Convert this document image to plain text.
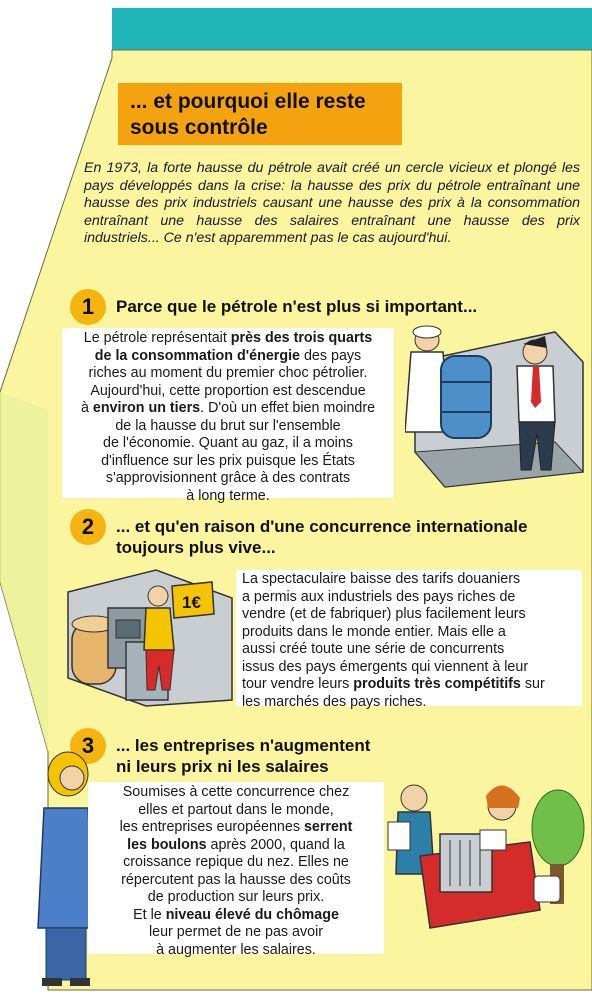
... et pourquoi elle reste
sous contrôle
En 1973, la forte hausse du pétrole avait créé un cercle vicieux et plongé les pays développés dans la crise: la hausse des prix du pétrole entraînant une hausse des prix industriels causant une hausse des prix à la consommation entraînant une hausse des salaires entraînant une hausse des prix industriels... Ce n'est apparemment pas le cas aujourd'hui.
1	Parce que le pétrole n'est plus si important...
Le pétrole représentait près des trois quarts
de la consommation d'énergie des pays
riches au moment du premier choc pétrolier.
Aujourd'hui, cette proportion est descendue
à environ un tiers. D'où un effet bien moindre
de la hausse du brut sur l'ensemble
de l'économie. Quant au gaz, il a moins
d'influence sur les prix puisque les États
s'approvisionnent grâce à des contrats
à long terme.
2	... et qu'en raison d'une concurrence internationale
toujours plus vive...
1€
La spectaculaire baisse des tarifs douaniers
a permis aux industriels des pays riches de
vendre (et de fabriquer) plus facilement leurs
produits dans le monde entier. Mais elle a
aussi créé toute une série de concurrents
issus des pays émergents qui viennent à leur
tour vendre leurs produits très compétitifs sur
les marchés des pays riches.
3	... les entreprises n'augmentent
ni leurs prix ni les salaires
Soumises à cette concurrence chez
elles et partout dans le monde,
les entreprises européennes serrent
les boulons après 2000, quand la
croissance repique du nez. Elles ne
répercutent pas la hausse des coûts
de production sur leurs prix.
Et le niveau élevé du chômage
leur permet de ne pas avoir
à augmenter les salaires.
